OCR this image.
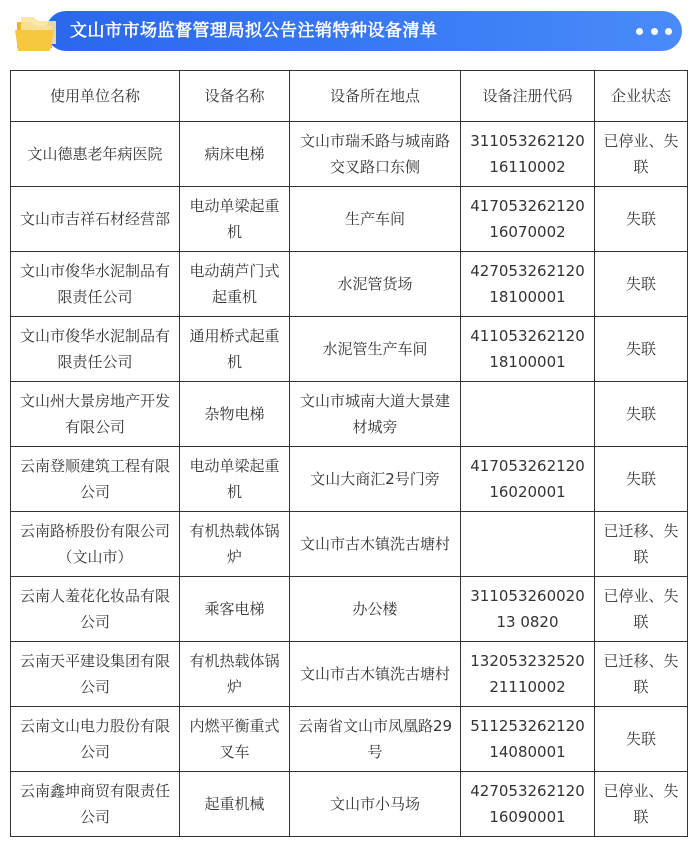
文山市市场监督管理局拟公告注销特种设备清单
使用单位名称	设备名称	设备所在地点	设备注册代码	企业状态
文山德惠老年病医院	病床电梯	文山市瑞禾路与城南路交叉路口东侧	31105326212016110002	已停业、失联
文山市吉祥石材经营部	电动单梁起重机	生产车间	41705326212016070002	失联
文山市俊华水泥制品有限责任公司	电动葫芦门式起重机	水泥管货场	42705326212018100001	失联
文山市俊华水泥制品有限责任公司	通用桥式起重机	水泥管生产车间	41105326212018100001	失联
文山州大景房地产开发有限公司	杂物电梯	文山市城南大道大景建材城旁		失联
云南登顺建筑工程有限公司	电动单梁起重机	文山大商汇2号门旁	41705326212016020001	失联
云南路桥股份有限公司（文山市）	有机热载体锅炉	文山市古木镇洗古塘村		已迁移、失联
云南人羞花化妆品有限公司	乘客电梯	办公楼	31105326002013 0820	已停业、失联
云南天平建设集团有限公司	有机热载体锅炉	文山市古木镇洗古塘村	13205323252021110002	已迁移、失联
云南文山电力股份有限公司	内燃平衡重式叉车	云南省文山市凤凰路29号	51125326212014080001	失联
云南鑫坤商贸有限责任公司	起重机械	文山市小马场	42705326212016090001	已停业、失联
